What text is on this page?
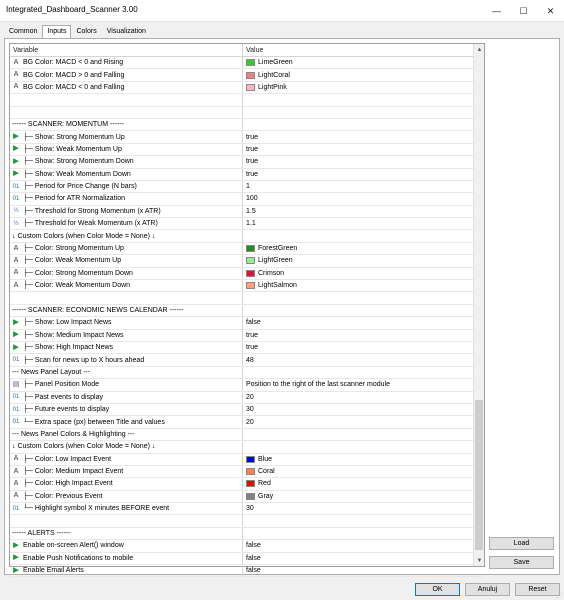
Integrated_Dashboard_Scanner 3.00	—	☐	✕
Common	Inputs	Colors	Visualization
Variable	Value
A BG Color: MACD < 0 and Rising	LimeGreen
A BG Color: MACD > 0 and Falling	LightCoral
A BG Color: MACD < 0 and Falling	LightPink
------ SCANNER: MOMENTUM ------
▶ ├─ Show: Strong Momentum Up	true
▶ ├─ Show: Weak Momentum Up	true
▶ ├─ Show: Strong Momentum Down	true
▶ ├─ Show: Weak Momentum Down	true
01 ├─ Period for Price Change (N bars)	1
01 ├─ Period for ATR Normalization	100
½ ├─ Threshold for Strong Momentum (x ATR)	1.5
½ ├─ Threshold for Weak Momentum (x ATR)	1.1
↓ Custom Colors (when Color Mode = None) ↓
A ├─ Color: Strong Momentum Up	ForestGreen
A ├─ Color: Weak Momentum Up	LightGreen
A ├─ Color: Strong Momentum Down	Crimson
A ├─ Color: Weak Momentum Down	LightSalmon
------ SCANNER: ECONOMIC NEWS CALENDAR ------
▶ ├─ Show: Low Impact News	false
▶ ├─ Show: Medium Impact News	true
▶ ├─ Show: High Impact News	true
01 ├─ Scan for news up to X hours ahead	48
--- News Panel Layout ---
▤ ├─ Panel Position Mode	Position to the right of the last scanner module
01 ├─ Past events to display	20
01 ├─ Future events to display	30
01 └─ Extra space (px) between Title and values	20
--- News Panel Colors & Highlighting ---
↓ Custom Colors (when Color Mode = None) ↓
A ├─ Color: Low Impact Event	Blue
A ├─ Color: Medium Impact Event	Coral
A ├─ Color: High Impact Event	Red
A ├─ Color: Previous Event	Gray
01 └─ Highlight symbol X minutes BEFORE event	30
------ ALERTS ------
▶ Enable on-screen Alert() window	false
▶ Enable Push Notifications to mobile	false
▶ Enable Email Alerts	false
▲
▼
Load
Save
OK	Anuluj	Reset
⋰
